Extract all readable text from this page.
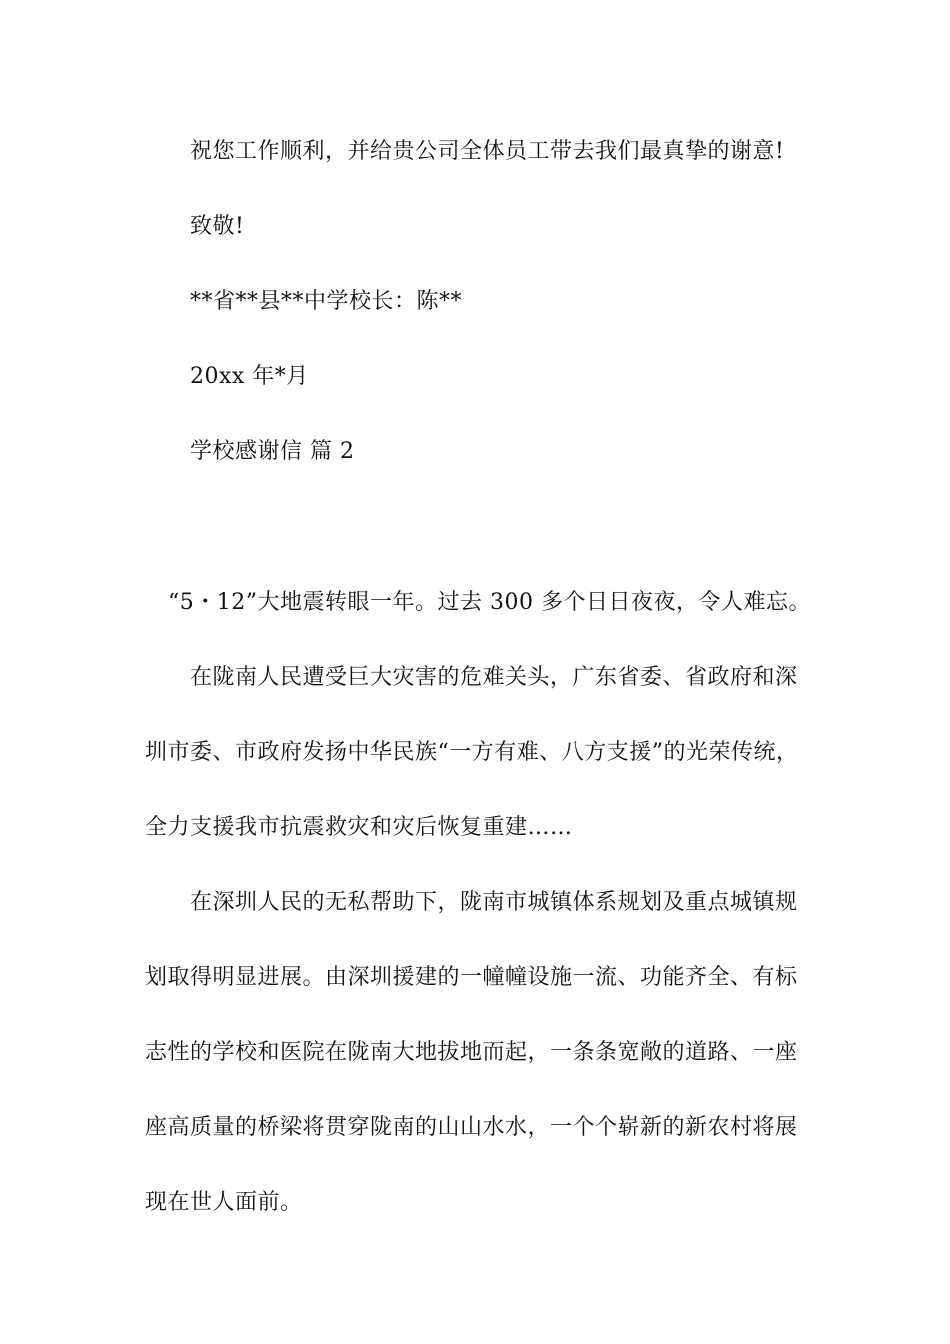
祝您工作顺利，并给贵公司全体员工带去我们最真挚的谢意!
致敬!
**省**县**中学校长：陈**
20xx 年*月
学校感谢信 篇 2
“5・12”大地震转眼一年。过去 300 多个日日夜夜，令人难忘。
在陇南人民遭受巨大灾害的危难关头，广东省委、省政府和深
圳市委、市政府发扬中华民族“一方有难、八方支援”的光荣传统，
全力支援我市抗震救灾和灾后恢复重建……
在深圳人民的无私帮助下，陇南市城镇体系规划及重点城镇规
划取得明显进展。由深圳援建的一幢幢设施一流、功能齐全、有标
志性的学校和医院在陇南大地拔地而起，一条条宽敞的道路、一座
座高质量的桥梁将贯穿陇南的山山水水，一个个崭新的新农村将展
现在世人面前。
